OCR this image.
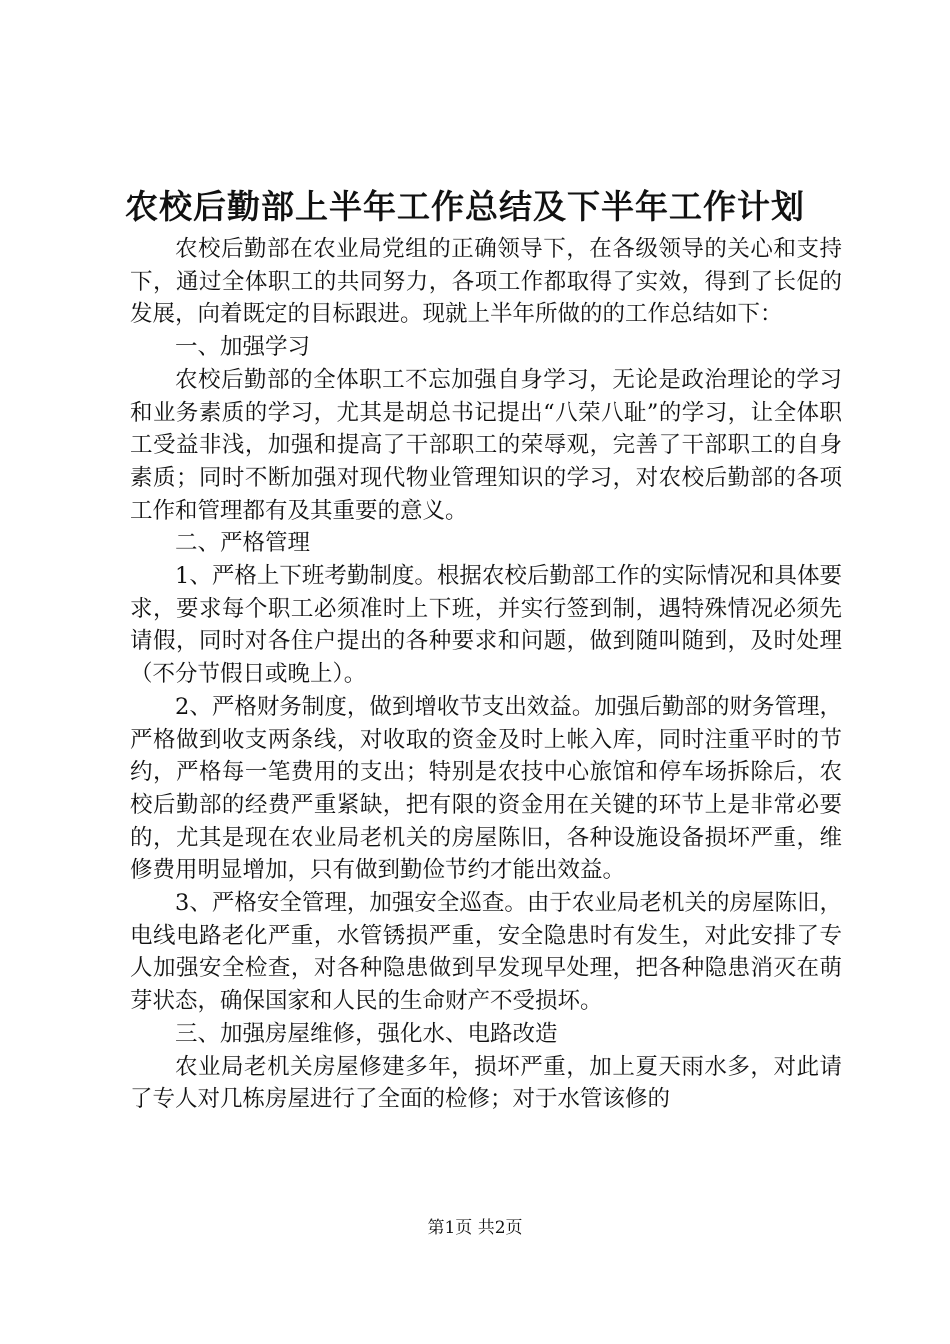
农校后勤部上半年工作总结及下半年工作计划

农校后勤部在农业局党组的正确领导下，在各级领导的关心和支持下，通过全体职工的共同努力，各项工作都取得了实效，得到了长促的发展，向着既定的目标跟进。现就上半年所做的的工作总结如下：

一、加强学习

农校后勤部的全体职工不忘加强自身学习，无论是政治理论的学习和业务素质的学习，尤其是胡总书记提出“八荣八耻”的学习，让全体职工受益非浅，加强和提高了干部职工的荣辱观，完善了干部职工的自身素质；同时不断加强对现代物业管理知识的学习，对农校后勤部的各项工作和管理都有及其重要的意义。

二、严格管理

1、严格上下班考勤制度。根据农校后勤部工作的实际情况和具体要求，要求每个职工必须准时上下班，并实行签到制，遇特殊情况必须先请假，同时对各住户提出的各种要求和问题，做到随叫随到，及时处理（不分节假日或晚上）。

2、严格财务制度，做到增收节支出效益。加强后勤部的财务管理，严格做到收支两条线，对收取的资金及时上帐入库，同时注重平时的节约，严格每一笔费用的支出；特别是农技中心旅馆和停车场拆除后，农校后勤部的经费严重紧缺，把有限的资金用在关键的环节上是非常必要的，尤其是现在农业局老机关的房屋陈旧，各种设施设备损坏严重，维修费用明显增加，只有做到勤俭节约才能出效益。

3、严格安全管理，加强安全巡查。由于农业局老机关的房屋陈旧，电线电路老化严重，水管锈损严重，安全隐患时有发生，对此安排了专人加强安全检查，对各种隐患做到早发现早处理，把各种隐患消灭在萌芽状态，确保国家和人民的生命财产不受损坏。

三、加强房屋维修，强化水、电路改造

农业局老机关房屋修建多年，损坏严重，加上夏天雨水多，对此请了专人对几栋房屋进行了全面的检修；对于水管该修的

第1页 共2页
